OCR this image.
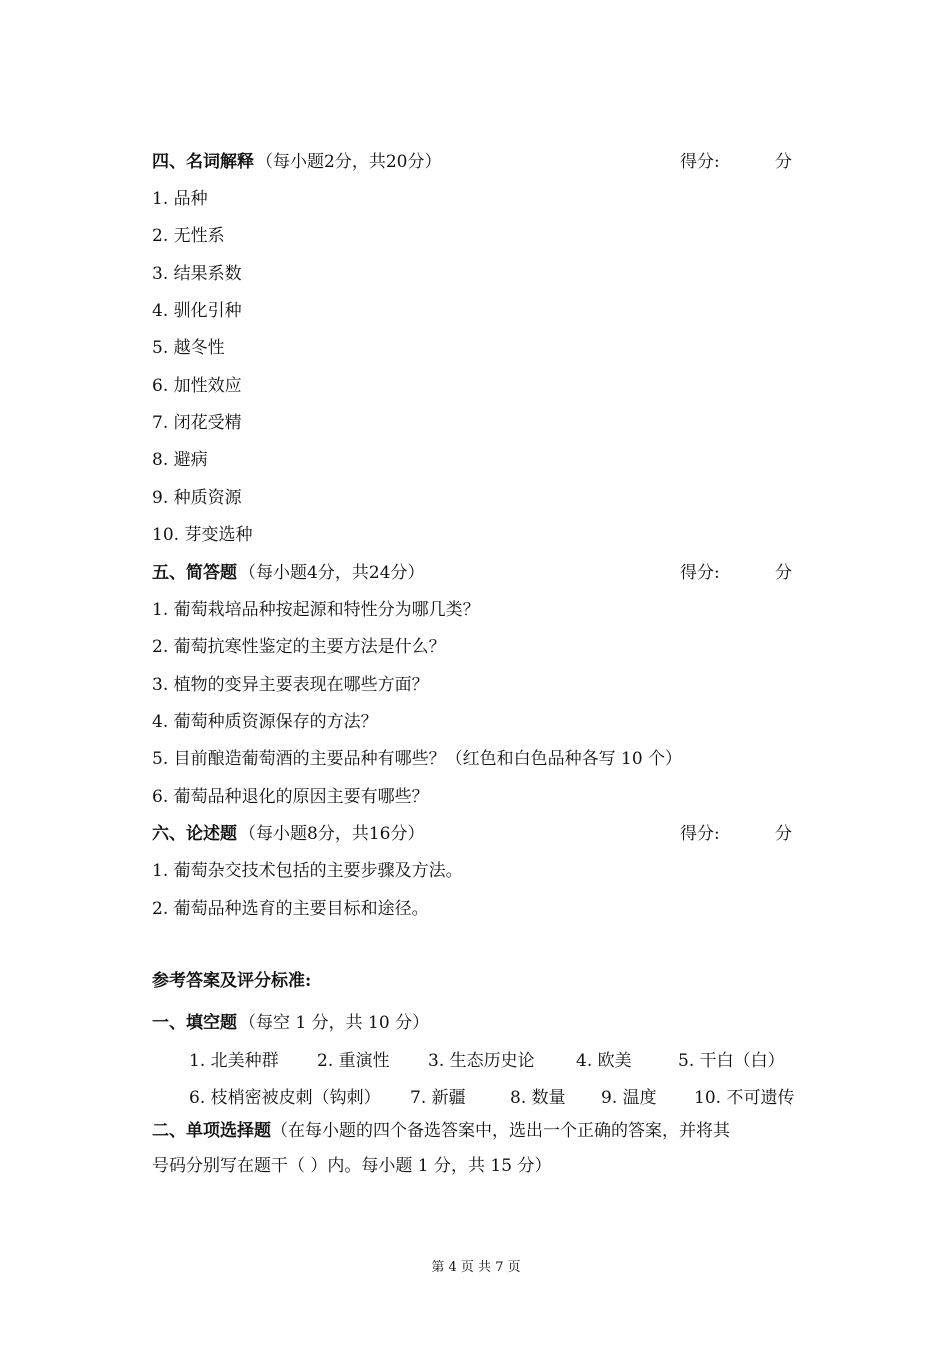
四、名词解释 （每小题2分，共20分）	得分:	分
1. 品种
2. 无性系
3. 结果系数
4. 驯化引种
5. 越冬性
6. 加性效应
7. 闭花受精
8. 避病
9. 种质资源
10. 芽变选种
五、简答题 （每小题4分，共24分）	得分:	分
1. 葡萄栽培品种按起源和特性分为哪几类？
2. 葡萄抗寒性鉴定的主要方法是什么？
3. 植物的变异主要表现在哪些方面？
4. 葡萄种质资源保存的方法？
5. 目前酿造葡萄酒的主要品种有哪些？（红色和白色品种各写 10 个）
6. 葡萄品种退化的原因主要有哪些？
六、论述题 （每小题8分，共16分）	得分:	分
1. 葡萄杂交技术包括的主要步骤及方法。
2. 葡萄品种选育的主要目标和途径。
参考答案及评分标准:
一、填空题 （每空 1 分，共 10 分）
1. 北美种群 2. 重演性 3. 生态历史论 4. 欧美	5. 干白（白）
6. 枝梢密被皮刺（钩刺） 7. 新疆	8. 数量 9. 温度 10. 不可遗传
二、单项选择题（在每小题的四个备选答案中，选出一个正确的答案，并将其
号码分别写在题干（ ）内。每小题 1 分，共 15 分）
第 4 页 共 7 页
